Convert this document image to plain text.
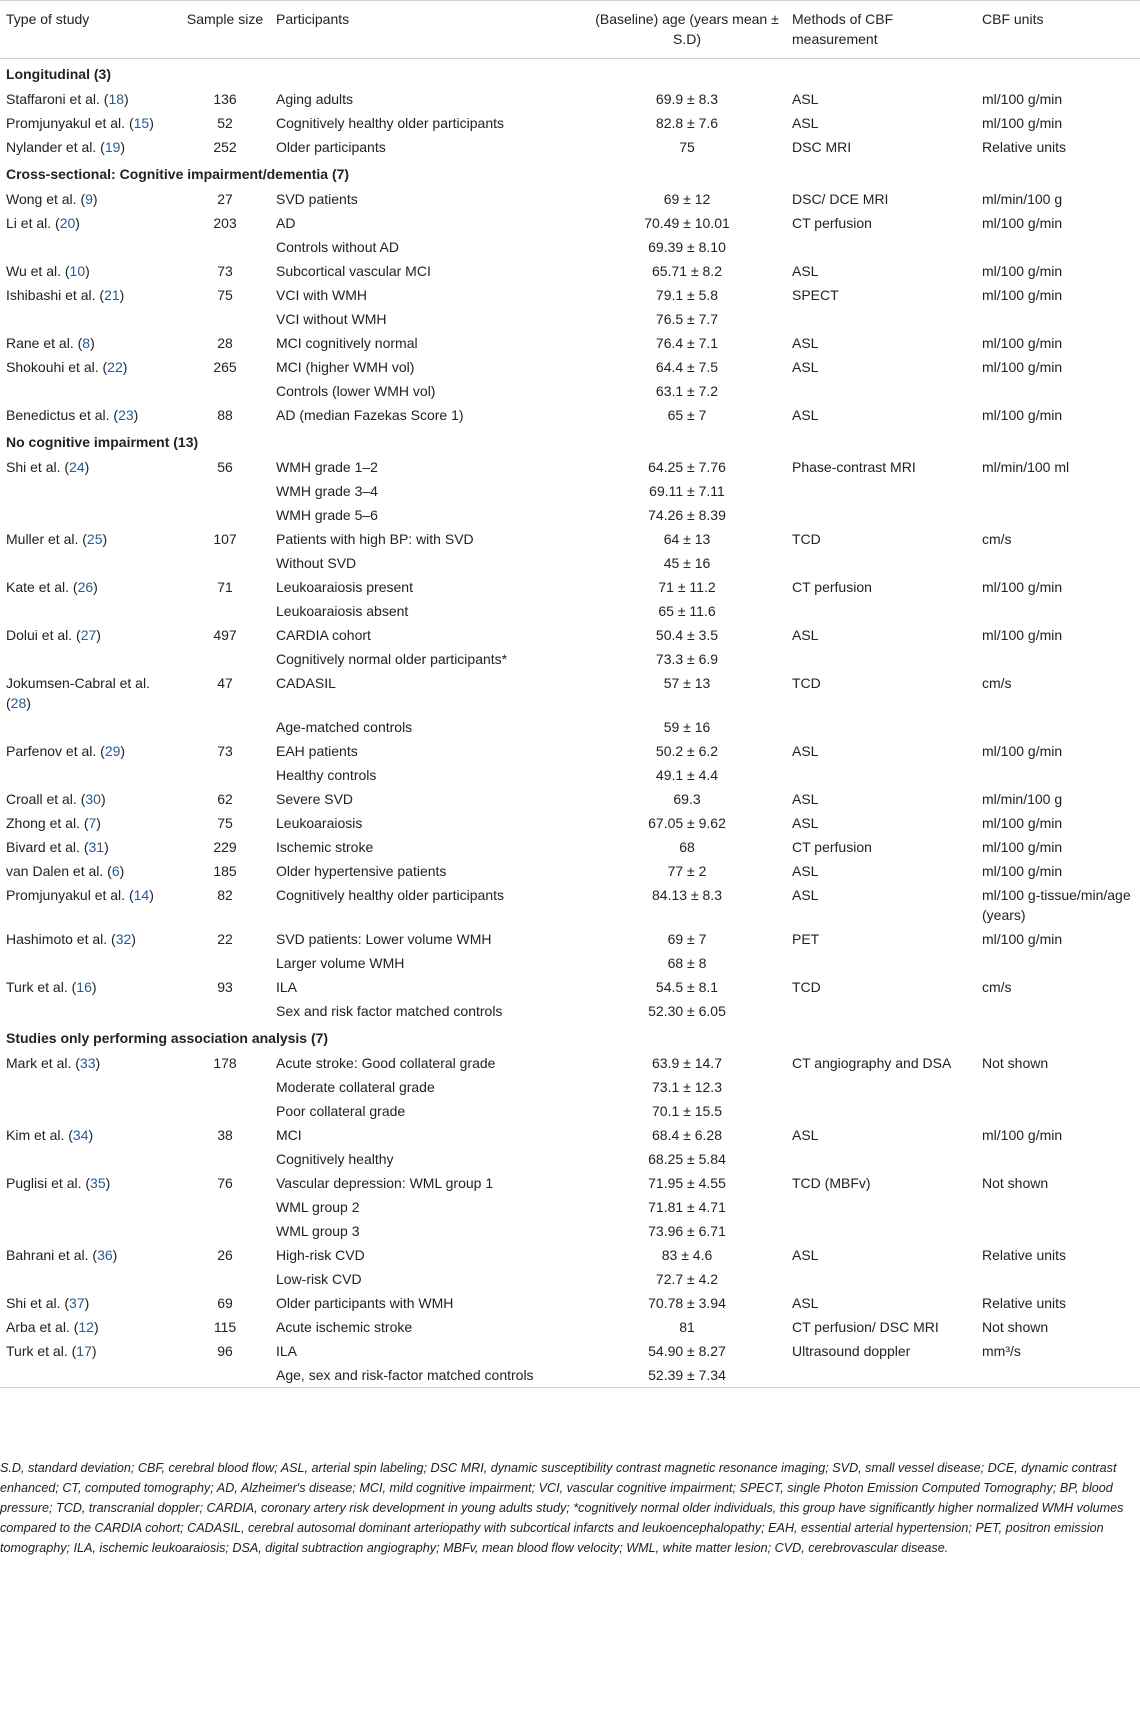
Type of study	Sample size	Participants	(Baseline) age (years mean ± S.D)	Methods of CBF measurement	CBF units
Longitudinal (3)					
Staffaroni et al. (18)	136	Aging adults	69.9 ± 8.3	ASL	ml/100 g/min
Promjunyakul et al. (15)	52	Cognitively healthy older participants	82.8 ± 7.6	ASL	ml/100 g/min
Nylander et al. (19)	252	Older participants	75	DSC MRI	Relative units
Cross-sectional: Cognitive impairment/dementia (7)					
Wong et al. (9)	27	SVD patients	69 ± 12	DSC/ DCE MRI	ml/min/100 g
Li et al. (20)	203	AD	70.49 ± 10.01	CT perfusion	ml/100 g/min
		Controls without AD	69.39 ± 8.10		
Wu et al. (10)	73	Subcortical vascular MCI	65.71 ± 8.2	ASL	ml/100 g/min
Ishibashi et al. (21)	75	VCI with WMH	79.1 ± 5.8	SPECT	ml/100 g/min
		VCI without WMH	76.5 ± 7.7		
Rane et al. (8)	28	MCI cognitively normal	76.4 ± 7.1	ASL	ml/100 g/min
Shokouhi et al. (22)	265	MCI (higher WMH vol)	64.4 ± 7.5	ASL	ml/100 g/min
		Controls (lower WMH vol)	63.1 ± 7.2		
Benedictus et al. (23)	88	AD (median Fazekas Score 1)	65 ± 7	ASL	ml/100 g/min
No cognitive impairment (13)					
Shi et al. (24)	56	WMH grade 1–2	64.25 ± 7.76	Phase-contrast MRI	ml/min/100 ml
		WMH grade 3–4	69.11 ± 7.11		
		WMH grade 5–6	74.26 ± 8.39		
Muller et al. (25)	107	Patients with high BP: with SVD	64 ± 13	TCD	cm/s
		Without SVD	45 ± 16		
Kate et al. (26)	71	Leukoaraiosis present	71 ± 11.2	CT perfusion	ml/100 g/min
		Leukoaraiosis absent	65 ± 11.6		
Dolui et al. (27)	497	CARDIA cohort	50.4 ± 3.5	ASL	ml/100 g/min
		Cognitively normal older participants*	73.3 ± 6.9		
Jokumsen-Cabral et al. (28)	47	CADASIL	57 ± 13	TCD	cm/s
		Age-matched controls	59 ± 16		
Parfenov et al. (29)	73	EAH patients	50.2 ± 6.2	ASL	ml/100 g/min
		Healthy controls	49.1 ± 4.4		
Croall et al. (30)	62	Severe SVD	69.3	ASL	ml/min/100 g
Zhong et al. (7)	75	Leukoaraiosis	67.05 ± 9.62	ASL	ml/100 g/min
Bivard et al. (31)	229	Ischemic stroke	68	CT perfusion	ml/100 g/min
van Dalen et al. (6)	185	Older hypertensive patients	77 ± 2	ASL	ml/100 g/min
Promjunyakul et al. (14)	82	Cognitively healthy older participants	84.13 ± 8.3	ASL	ml/100 g-tissue/min/age (years)
Hashimoto et al. (32)	22	SVD patients: Lower volume WMH	69 ± 7	PET	ml/100 g/min
		Larger volume WMH	68 ± 8		
Turk et al. (16)	93	ILA	54.5 ± 8.1	TCD	cm/s
		Sex and risk factor matched controls	52.30 ± 6.05		
Studies only performing association analysis (7)					
Mark et al. (33)	178	Acute stroke: Good collateral grade	63.9 ± 14.7	CT angiography and DSA	Not shown
		Moderate collateral grade	73.1 ± 12.3		
		Poor collateral grade	70.1 ± 15.5		
Kim et al. (34)	38	MCI	68.4 ± 6.28	ASL	ml/100 g/min
		Cognitively healthy	68.25 ± 5.84		
Puglisi et al. (35)	76	Vascular depression: WML group 1	71.95 ± 4.55	TCD (MBFv)	Not shown
		WML group 2	71.81 ± 4.71		
		WML group 3	73.96 ± 6.71		
Bahrani et al. (36)	26	High-risk CVD	83 ± 4.6	ASL	Relative units
		Low-risk CVD	72.7 ± 4.2		
Shi et al. (37)	69	Older participants with WMH	70.78 ± 3.94	ASL	Relative units
Arba et al. (12)	115	Acute ischemic stroke	81	CT perfusion/ DSC MRI	Not shown
Turk et al. (17)	96	ILA	54.90 ± 8.27	Ultrasound doppler	mm³/s
		Age, sex and risk-factor matched controls	52.39 ± 7.34		
S.D, standard deviation; CBF, cerebral blood flow; ASL, arterial spin labeling; DSC MRI, dynamic susceptibility contrast magnetic resonance imaging; SVD, small vessel disease; DCE, dynamic contrast enhanced; CT, computed tomography; AD, Alzheimer's disease; MCI, mild cognitive impairment; VCI, vascular cognitive impairment; SPECT, single Photon Emission Computed Tomography; BP, blood pressure; TCD, transcranial doppler; CARDIA, coronary artery risk development in young adults study; *cognitively normal older individuals, this group have significantly higher normalized WMH volumes compared to the CARDIA cohort; CADASIL, cerebral autosomal dominant arteriopathy with subcortical infarcts and leukoencephalopathy; EAH, essential arterial hypertension; PET, positron emission tomography; ILA, ischemic leukoaraiosis; DSA, digital subtraction angiography; MBFv, mean blood flow velocity; WML, white matter lesion; CVD, cerebrovascular disease.
